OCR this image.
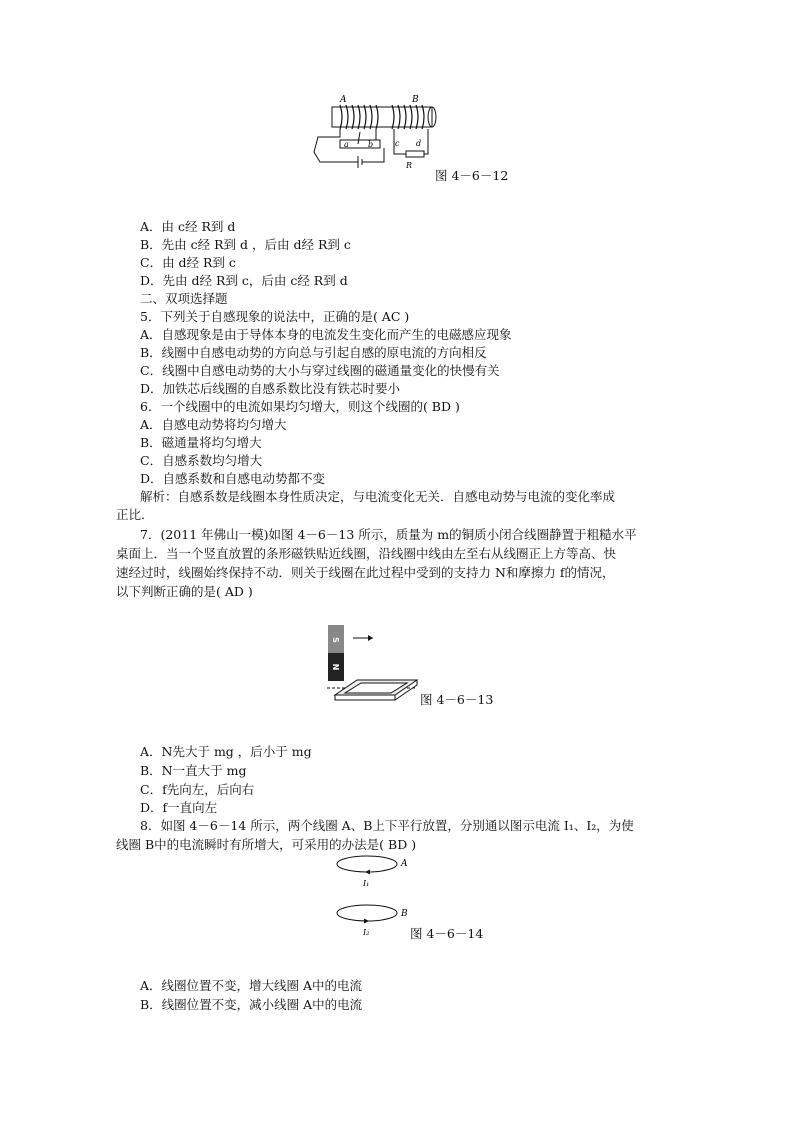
A	B
a b	c d
R
图 4－6－12
A．由 c经 R到 d
B．先由 c经 R到 d ，后由 d经 R到 c
C．由 d经 R到 c
D．先由 d经 R到 c，后由 c经 R到 d
二、双项选择题
5．下列关于自感现象的说法中，正确的是( AC )
A．自感现象是由于导体本身的电流发生变化而产生的电磁感应现象
B．线圈中自感电动势的方向总与引起自感的原电流的方向相反
C．线圈中自感电动势的大小与穿过线圈的磁通量变化的快慢有关
D．加铁芯后线圈的自感系数比没有铁芯时要小
6．一个线圈中的电流如果均匀增大，则这个线圈的( BD )
A．自感电动势将均匀增大
B．磁通量将均匀增大
C．自感系数均匀增大
D．自感系数和自感电动势都不变
解析：自感系数是线圈本身性质决定，与电流变化无关．自感电动势与电流的变化率成
正比．
7．(2011 年佛山一模)如图 4－6－13 所示，质量为 m的铜质小闭合线圈静置于粗糙水平
桌面上．当一个竖直放置的条形磁铁贴近线圈，沿线圈中线由左至右从线圈正上方等高、快
速经过时，线圈始终保持不动．则关于线圈在此过程中受到的支持力 N和摩擦力 f的情况，
以下判断正确的是( AD )
S
N
图 4－6－13
A．N先大于 mg ，后小于 mg
B．N一直大于 mg
C．f先向左，后向右
D．f一直向左
8．如图 4－6－14 所示，两个线圈 A、B上下平行放置，分别通以图示电流 I₁、I₂，为使
线圈 B中的电流瞬时有所增大，可采用的办法是( BD )
A
B
I₁
I₂	图 4－6－14
A．线圈位置不变，增大线圈 A中的电流
B．线圈位置不变，减小线圈 A中的电流
